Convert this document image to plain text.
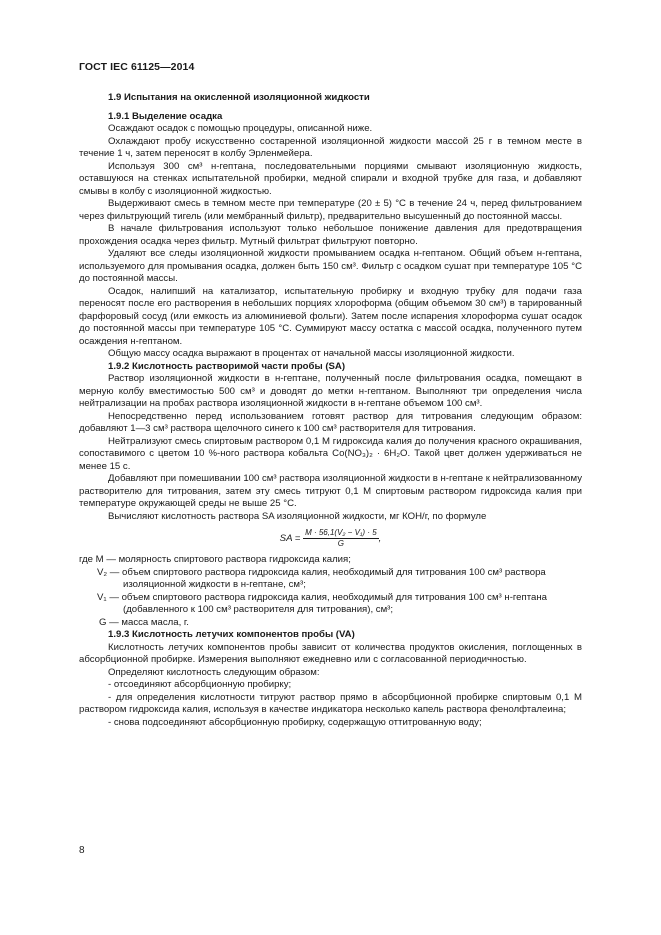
ГОСТ IEC 61125—2014

1.9 Испытания на окисленной изоляционной жидкости

1.9.1 Выделение осадка

Осаждают осадок с помощью процедуры, описанной ниже.

Охлаждают пробу искусственно состаренной изоляционной жидкости массой 25 г в темном месте в течение 1 ч, затем переносят в колбу Эрленмейера.

Используя 300 см³ н-гептана, последовательными порциями смывают изоляционную жидкость, оставшуюся на стенках испытательной пробирки, медной спирали и входной трубке для газа, и добавляют смывы в колбу с изоляционной жидкостью.

Выдерживают смесь в темном месте при температуре (20 ± 5) °С в течение 24 ч, перед фильтрованием через фильтрующий тигель (или мембранный фильтр), предварительно высушенный до постоянной массы.

В начале фильтрования используют только небольшое понижение давления для предотвращения прохождения осадка через фильтр. Мутный фильтрат фильтруют повторно.

Удаляют все следы изоляционной жидкости промыванием осадка н-гептаном. Общий объем н-гептана, используемого для промывания осадка, должен быть 150 см³. Фильтр с осадком сушат при температуре 105 °С до постоянной массы.

Осадок, налипший на катализатор, испытательную пробирку и входную трубку для подачи газа переносят после его растворения в небольших порциях хлороформа (общим объемом 30 см³) в тарированный фарфоровый сосуд (или емкость из алюминиевой фольги). Затем после испарения хлороформа сушат осадок до постоянной массы при температуре 105 °С. Суммируют массу остатка с массой осадка, полученного путем осаждения н-гептаном.

Общую массу осадка выражают в процентах от начальной массы изоляционной жидкости.

1.9.2 Кислотность растворимой части пробы (SA)

Раствор изоляционной жидкости в н-гептане, полученный после фильтрования осадка, помещают в мерную колбу вместимостью 500 см³ и доводят до метки н-гептаном. Выполняют три определения числа нейтрализации на пробах раствора изоляционной жидкости в н-гептане объемом 100 см³.

Непосредственно перед использованием готовят раствор для титрования следующим образом: добавляют 1—3 см³ раствора щелочного синего к 100 см³ растворителя для титрования.

Нейтрализуют смесь спиртовым раствором 0,1 М гидроксида калия до получения красного окрашивания, сопоставимого с цветом 10 %-ного раствора кобальта Co(NO₃)₂ · 6H₂O. Такой цвет должен удерживаться не менее 15 с.

Добавляют при помешивании 100 см³ раствора изоляционной жидкости в н-гептане к нейтрализованному растворителю для титрования, затем эту смесь титруют 0,1 М спиртовым раствором гидроксида калия при температуре окружающей среды не выше 25 °С.

Вычисляют кислотность раствора SA изоляционной жидкости, мг КОН/г, по формуле

SA = $\frac{\text{M · 56,1(V₂ − V₁) · 5}}{G}$ ,

где M — молярность спиртового раствора гидроксида калия;

V₂ — объем спиртового раствора гидроксида калия, необходимый для титрования 100 см³ раствора

изоляционной жидкости в н-гептане, см³;

V₁ — объем спиртового раствора гидроксида калия, необходимый для титрования 100 см³ н-гептана

(добавленного к 100 см³ растворителя для титрования), см³;

G — масса масла, г.

1.9.3 Кислотность летучих компонентов пробы (VA)

Кислотность летучих компонентов пробы зависит от количества продуктов окисления, поглощенных в абсорбционной пробирке. Измерения выполняют ежедневно или с согласованной периодичностью.

Определяют кислотность следующим образом:

- отсоединяют абсорбционную пробирку;

- для определения кислотности титруют раствор прямо в абсорбционной пробирке спиртовым 0,1 М раствором гидроксида калия, используя в качестве индикатора несколько капель раствора фенолфталеина;

- снова подсоединяют абсорбционную пробирку, содержащую оттитрованную воду;

8
